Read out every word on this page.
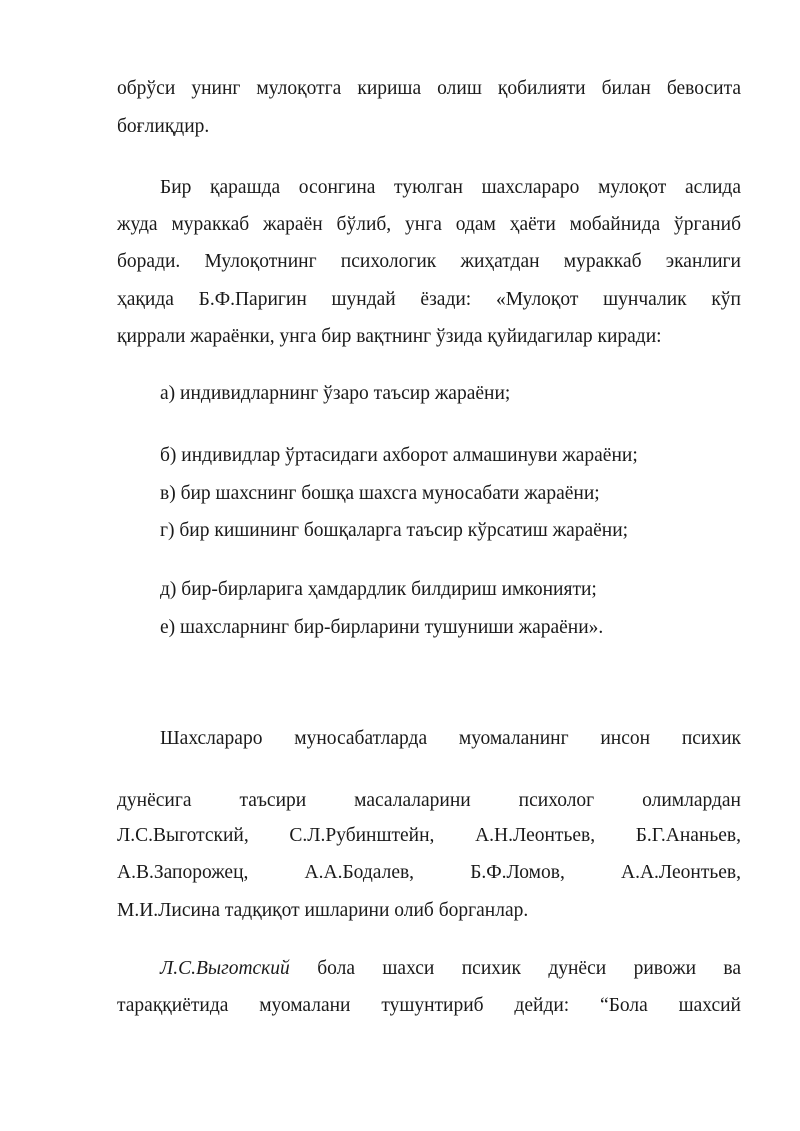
обрўси унинг мулоқотга кириша олиш қобилияти билан бевосита
боғлиқдир.
Бир қарашда осонгина туюлган шахслараро мулоқот аслида
жуда мураккаб жараён бўлиб, унга одам ҳаёти мобайнида ўрганиб
боради. Мулоқотнинг психологик жиҳатдан мураккаб эканлиги
ҳақида Б.Ф.Паригин шундай ёзади: «Мулоқот шунчалик кўп
қиррали жараёнки, унга бир вақтнинг ўзида қуйидагилар киради:
а) индивидларнинг ўзаро таъсир жараёни;
б) индивидлар ўртасидаги ахборот алмашинуви жараёни;
в) бир шахснинг бошқа шахсга муносабати жараёни;
г) бир кишининг бошқаларга таъсир кўрсатиш жараёни;
д) бир-бирларига ҳамдардлик билдириш имконияти;
е) шахсларнинг бир-бирларини тушуниши жараёни».
Шахслараро муносабатларда муомаланинг инсон психик
дунёсига таъсири масалаларини психолог олимлардан
Л.С.Выготский, С.Л.Рубинштейн, А.Н.Леонтьев, Б.Г.Ананьев,
А.В.Запорожец, А.А.Бодалев, Б.Ф.Ломов, А.А.Леонтьев,
М.И.Лисина тадқиқот ишларини олиб борганлар.
Л.С.Выготский бола шахси психик дунёси ривожи ва
тараққиётида муомалани тушунтириб дейди: “Бола шахсий
